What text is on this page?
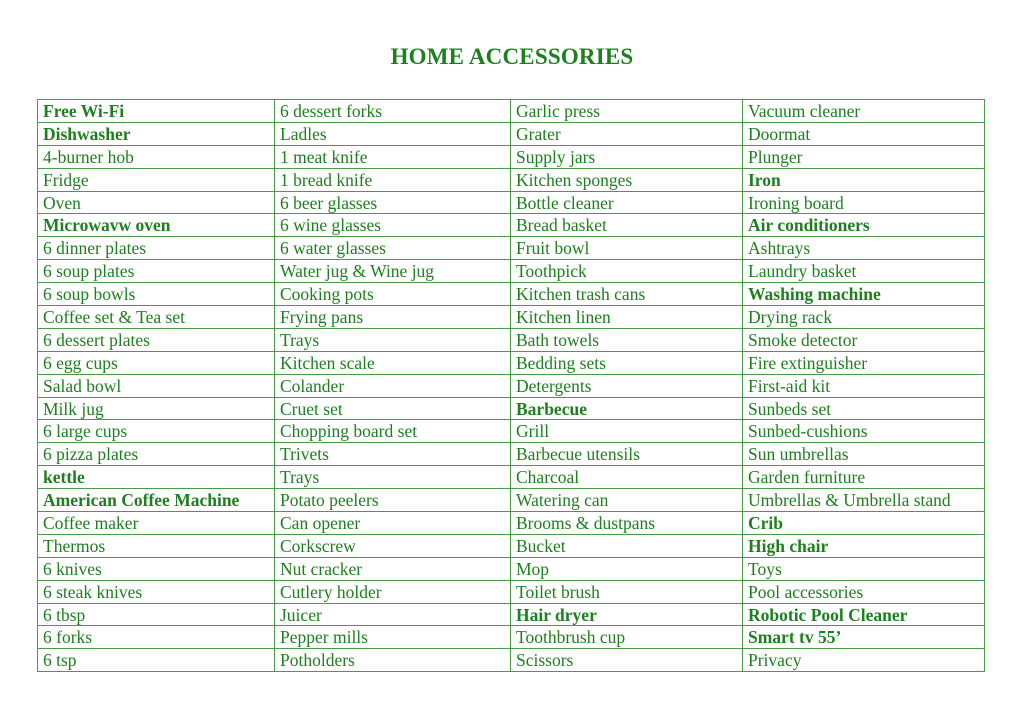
HOME ACCESSORIES
Free Wi-Fi	6 dessert forks	Garlic press	Vacuum cleaner
Dishwasher	Ladles	Grater	Doormat
4-burner hob	1 meat knife	Supply jars	Plunger
Fridge	1 bread knife	Kitchen sponges	Iron
Oven	6 beer glasses	Bottle cleaner	Ironing board
Microwavw oven	6 wine glasses	Bread basket	Air conditioners
6 dinner plates	6 water glasses	Fruit bowl	Ashtrays
6 soup plates	Water jug & Wine jug	Toothpick	Laundry basket
6 soup bowls	Cooking pots	Kitchen trash cans	Washing machine
Coffee set & Tea set	Frying pans	Kitchen linen	Drying rack
6 dessert plates	Trays	Bath towels	Smoke detector
6 egg cups	Kitchen scale	Bedding sets	Fire extinguisher
Salad bowl	Colander	Detergents	First-aid kit
Milk jug	Cruet set	Barbecue	Sunbeds set
6 large cups	Chopping board set	Grill	Sunbed-cushions
6 pizza plates	Trivets	Barbecue utensils	Sun umbrellas
kettle	Trays	Charcoal	Garden furniture
American Coffee Machine	Potato peelers	Watering can	Umbrellas & Umbrella stand
Coffee maker	Can opener	Brooms & dustpans	Crib
Thermos	Corkscrew	Bucket	High chair
6 knives	Nut cracker	Mop	Toys
6 steak knives	Cutlery holder	Toilet brush	Pool accessories
6 tbsp	Juicer	Hair dryer	Robotic Pool Cleaner
6 forks	Pepper mills	Toothbrush cup	Smart tv 55’
6 tsp	Potholders	Scissors	Privacy
